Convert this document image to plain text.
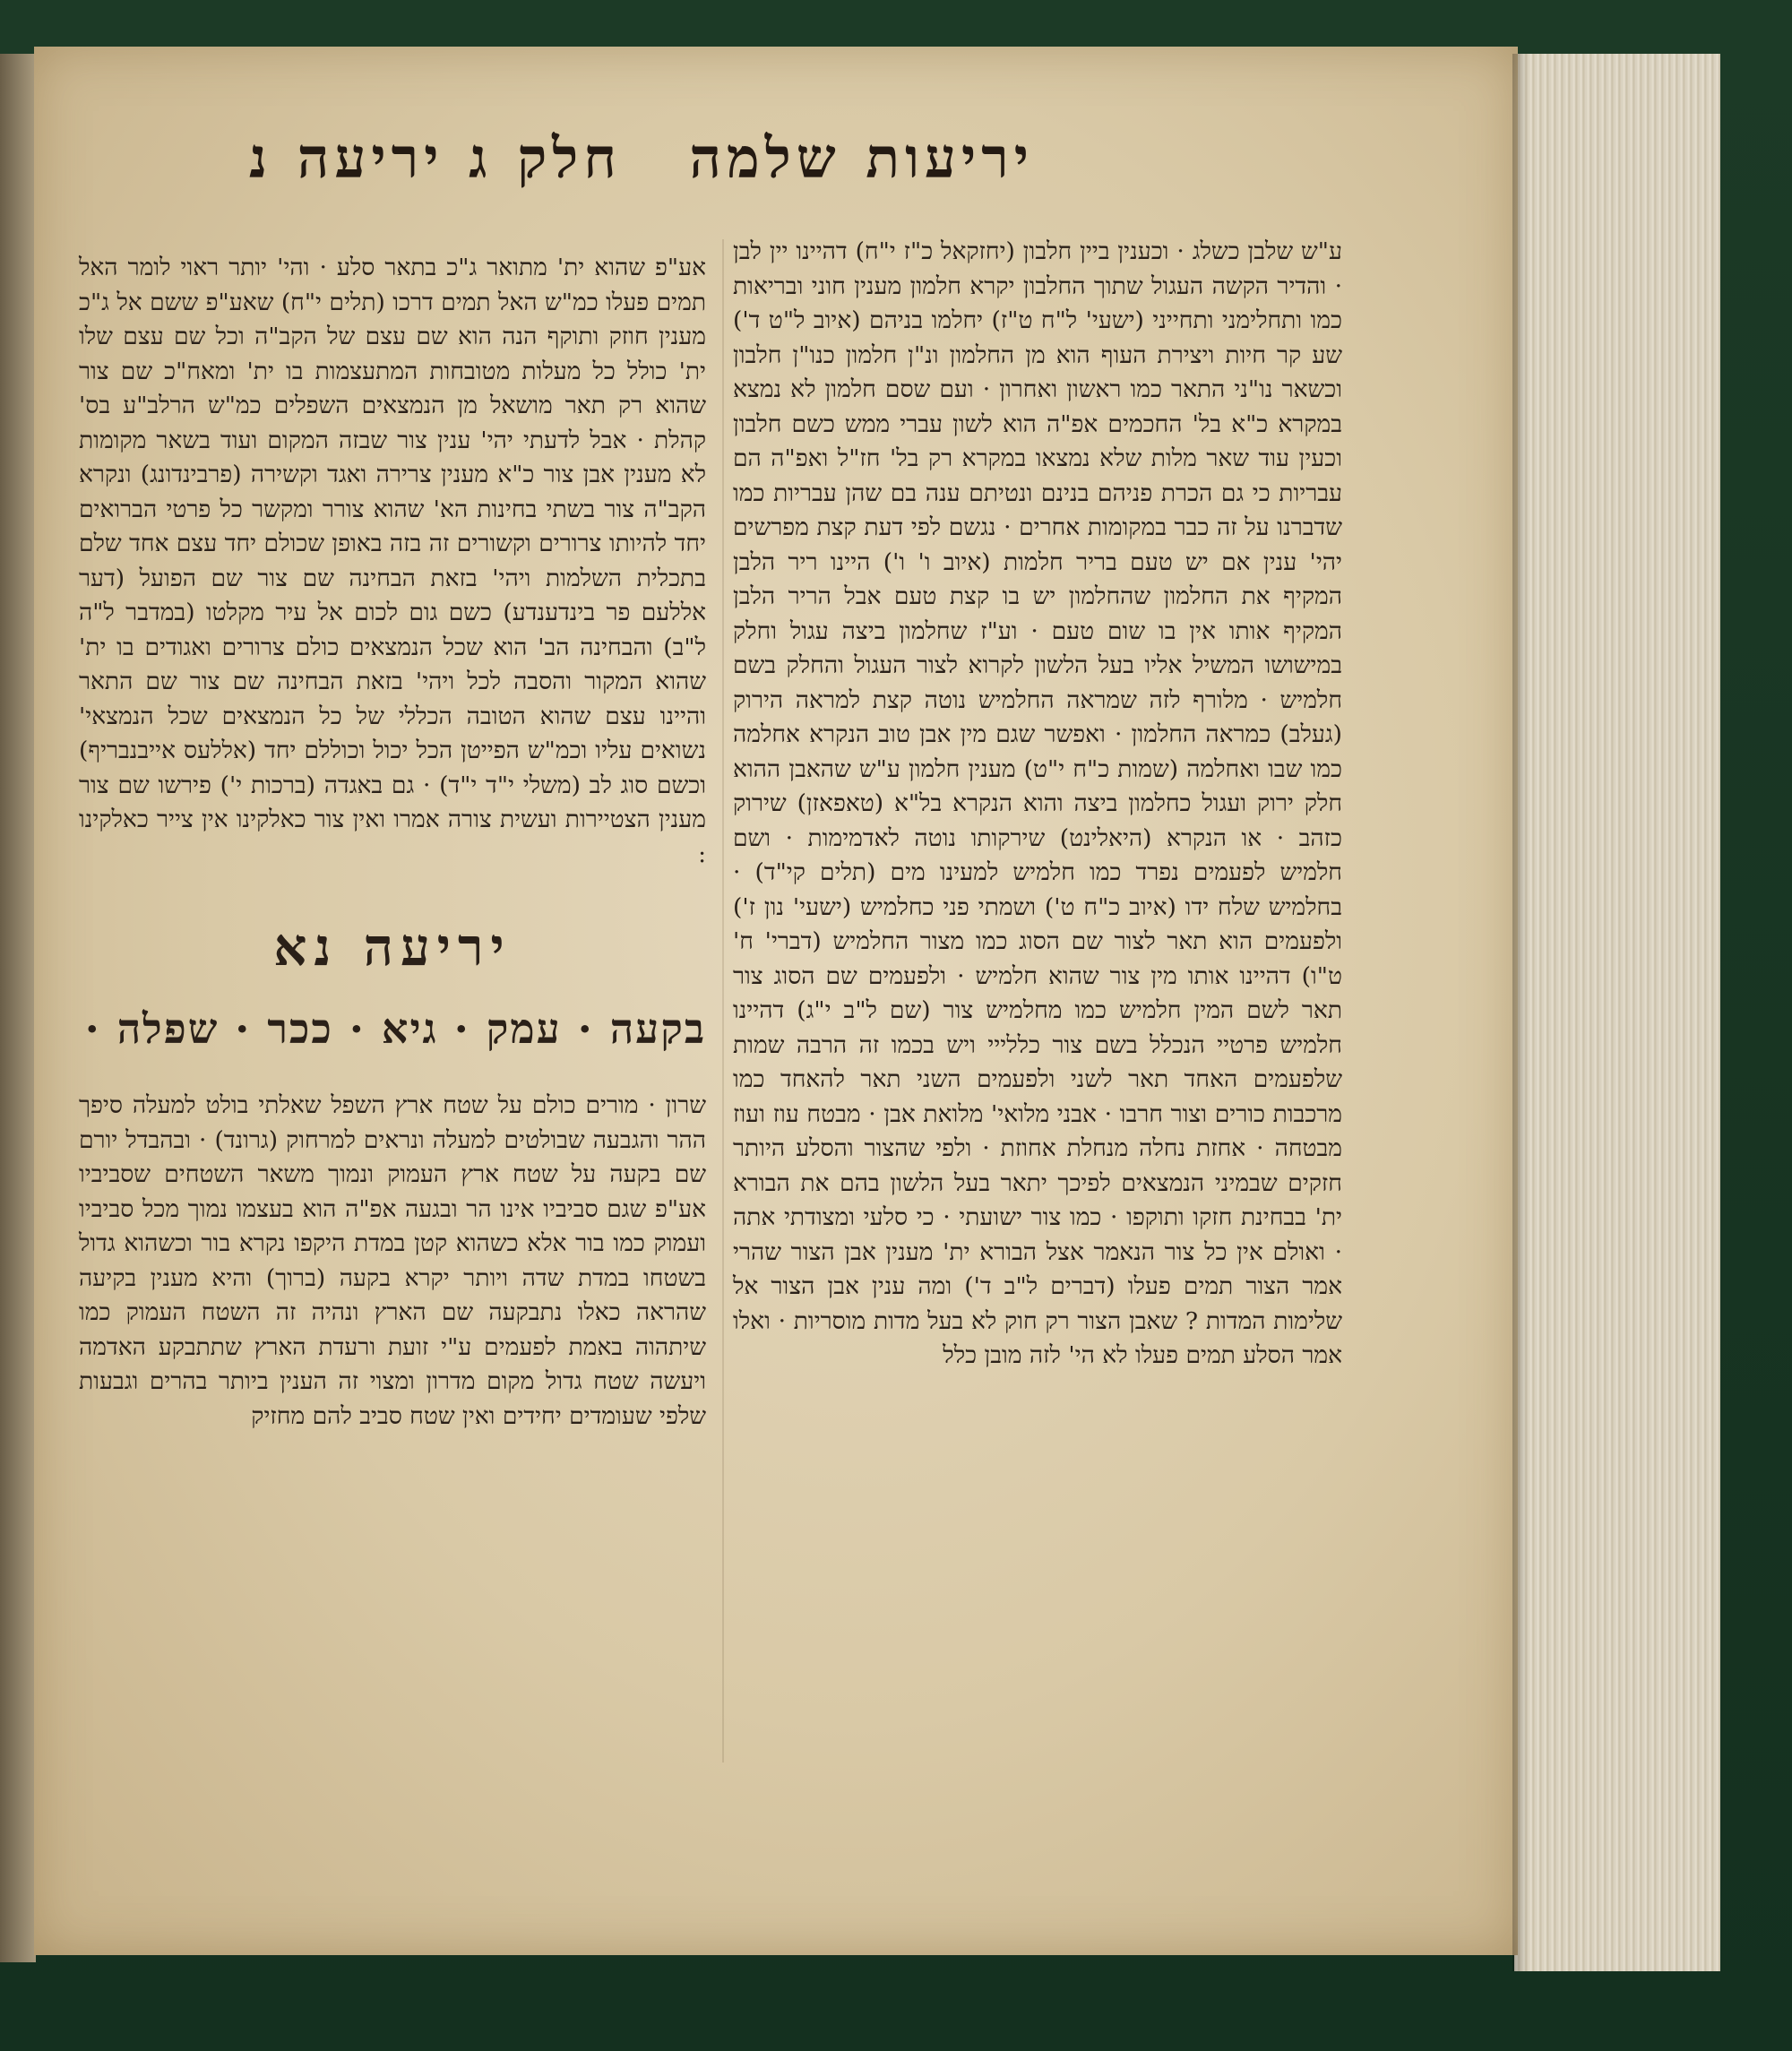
יריעות שלמה
חלק ג יריעה נ

ע"ש שלבן כשלג · וכענין ביין חלבון (יחזקאל כ"ז י"ח) דהיינו יין לבן · והדיר הקשה העגול שתוך החלבון יקרא חלמון מענין חוני ובריאות כמו ותחלימני ותחייני (ישעי' ל"ח ט"ז) יחלמו בניהם (איוב ל"ט ד') שע קר חיות ויצירת העוף הוא מן החלמון ונ"ן חלמון כנו"ן חלבון וכשאר נו"ני התאר כמו ראשון ואחרון · ועם שסם חלמון לא נמצא במקרא כ"א בל' החכמים אפ"ה הוא לשון עברי ממש כשם חלבון וכעין עוד שאר מלות שלא נמצאו במקרא רק בל' חז"ל ואפ"ה הם עבריות כי גם הכרת פניהם בנינם ונטיתם ענה בם שהן עבריות כמו שדברנו על זה כבר במקומות אחרים · נגשם לפי דעת קצת מפרשים יהי' ענין אם יש טעם בריר חלמות (איוב ו' ו') היינו ריר הלבן המקיף את החלמון שהחלמון יש בו קצת טעם אבל הריר הלבן המקיף אותו אין בו שום טעם · וע"ז שחלמון ביצה עגול וחלק במישושו המשיל אליו בעל הלשון לקרוא לצור העגול והחלק בשם חלמיש · מלורף לזה שמראה החלמיש נוטה קצת למראה הירוק (געלב) כמראה החלמון · ואפשר שגם מין אבן טוב הנקרא אחלמה כמו שבו ואחלמה (שמות כ"ח י"ט) מענין חלמון ע"ש שהאבן ההוא חלק ירוק ועגול כחלמון ביצה והוא הנקרא בל"א (טאפאזן) שירוק כזהב · או הנקרא (היאלינט) שירקותו נוטה לאדמימות · ושם חלמיש לפעמים נפרד כמו חלמיש למעינו מים (תלים קי"ד) · בחלמיש שלח ידו (איוב כ"ח ט') ושמתי פני כחלמיש (ישעי' נון ז') ולפעמים הוא תאר לצור שם הסוג כמו מצור החלמיש (דברי' ח' ט"ו) דהיינו אותו מין צור שהוא חלמיש · ולפעמים שם הסוג צור תאר לשם המין חלמיש כמו מחלמיש צור (שם ל"ב י"ג) דהיינו חלמיש פרטיי הנכלל בשם צור כללייי ויש בכמו זה הרבה שמות שלפעמים האחד תאר לשני ולפעמים השני תאר להאחד כמו מרכבות כורים וצור חרבו · אבני מלואי' מלואת אבן · מבטח עוז ועוז מבטחה · אחזת נחלה מנחלת אחוזת · ולפי שהצור והסלע היותר חזקים שבמיני הנמצאים לפיכך יתאר בעל הלשון בהם את הבורא ית' בבחינת חזקו ותוקפו · כמו צור ישועתי · כי סלעי ומצודתי אתה · ואולם אין כל צור הנאמר אצל הבורא ית' מענין אבן הצור שהרי אמר הצור תמים פעלו (דברים ל"ב ד') ומה ענין אבן הצור אל שלימות המדות ? שאבן הצור רק חוק לא בעל מדות מוסריות · ואלו אמר הסלע תמים פעלו לא הי' לזה מובן כלל

אע"פ שהוא ית' מתואר ג"כ בתאר סלע · והי' יותר ראוי לומר האל תמים פעלו כמ"ש האל תמים דרכו (תלים י"ח) שאע"פ ששם אל ג"כ מענין חוזק ותוקף הנה הוא שם עצם של הקב"ה וכל שם עצם שלו ית' כולל כל מעלות מטובחות המתעצמות בו ית' ומאח"כ שם צור שהוא רק תאר מושאל מן הנמצאים השפלים כמ"ש הרלב"ע בס' קהלת · אבל לדעתי יהי' ענין צור שבזה המקום ועוד בשאר מקומות לא מענין אבן צור כ"א מענין צרירה ואגד וקשירה (פרבינדונג) ונקרא הקב"ה צור בשתי בחינות הא' שהוא צורר ומקשר כל פרטי הברואים יחד להיותו צרורים וקשורים זה בזה באופן שכולם יחד עצם אחד שלם בתכלית השלמות ויהי' בזאת הבחינה שם צור שם הפועל (דער אללעם פר בינדענדע) כשם גום לכום אל עיר מקלטו (במדבר ל"ה ל"ב) והבחינה הב' הוא שכל הנמצאים כולם צרורים ואגודים בו ית' שהוא המקור והסבה לכל ויהי' בזאת הבחינה שם צור שם התאר והיינו עצם שהוא הטובה הכללי של כל הנמצאים שכל הנמצאי' נשואים עליו וכמ"ש הפייטן הכל יכול וכוללם יחד (אללעס אייבנבריף) וכשם סוג לב (משלי י"ד י"ד) · גם באגדה (ברכות י') פירשו שם צור מענין הצטיירות ועשית צורה אמרו ואין צור כאלקינו אין צייר כאלקינו :

יריעה נא
בקעה · עמק · גיא · ככר · שפלה ·

שרון · מורים כולם על שטח ארץ השפל שאלתי בולט למעלה סיפך ההר והגבעה שבולטים למעלה ונראים למרחוק (גרונד) · ובהבדל יורם שם בקעה על שטח ארץ העמוק ונמוך משאר השטחים שסביביו אע"פ שגם סביביו אינו הר ובגעה אפ"ה הוא בעצמו נמוך מכל סביביו ועמוק כמו בור אלא כשהוא קטן במדת היקפו נקרא בור וכשהוא גדול בשטחו במדת שדה ויותר יקרא בקעה (ברוך) והיא מענין בקיעה שהראה כאלו נתבקעה שם הארץ ונהיה זה השטח העמוק כמו שיתהוה באמת לפעמים ע"י זועת ורעדת הארץ שתתבקע האדמה ויעשה שטח גדול מקום מדרון ומצוי זה הענין ביותר בהרים וגבעות שלפי שעומדים יחידים ואין שטח סביב להם מחזיק
